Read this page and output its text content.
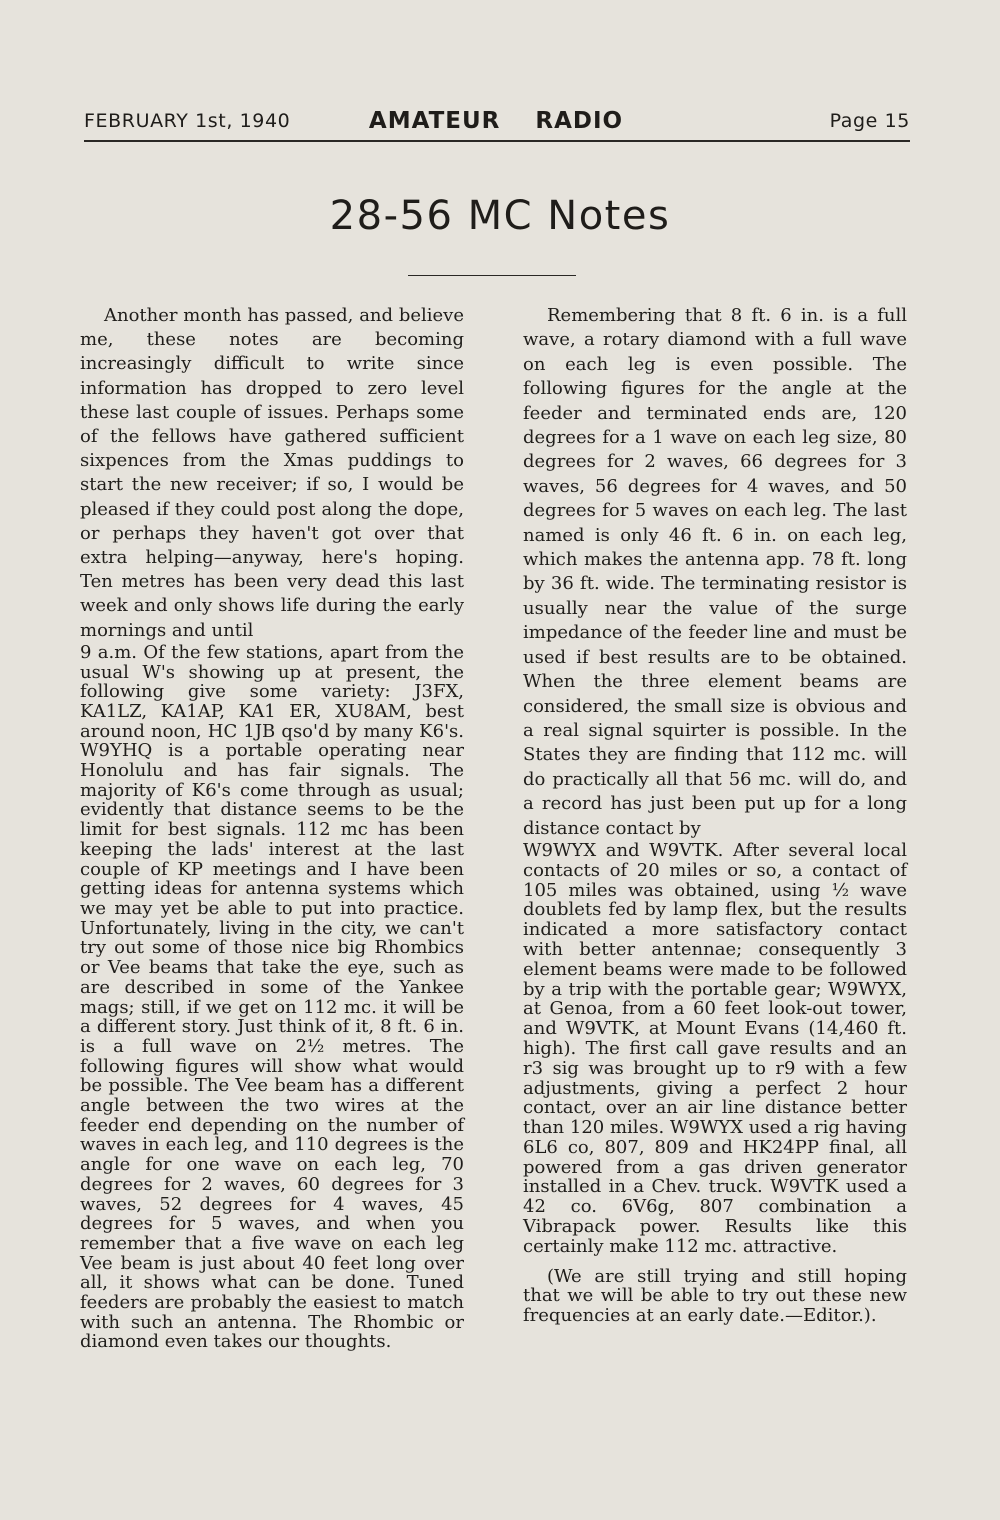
FEBRUARY 1st, 1940	AMATEUR RADIO	Page 15
28-56 MC Notes

Another month has passed, and believe me, these notes are becoming increasingly difficult to write since information has dropped to zero level these last couple of issues. Perhaps some of the fellows have gathered sufficient sixpences from the Xmas puddings to start the new receiver; if so, I would be pleased if they could post along the dope, or perhaps they haven't got over that extra helping—anyway, here's hoping. Ten metres has been very dead this last week and only shows life during the early mornings and until

9 a.m. Of the few stations, apart from the usual W's showing up at present, the following give some variety: J3FX, KA1LZ, KA1AP, KA1 ER, XU8AM, best around noon, HC 1JB qso'd by many K6's. W9YHQ is a portable operating near Honolulu and has fair signals. The majority of K6's come through as usual; evidently that distance seems to be the limit for best signals. 112 mc has been keeping the lads' interest at the last couple of KP meetings and I have been getting ideas for antenna systems which we may yet be able to put into practice. Unfortunately, living in the city, we can't try out some of those nice big Rhombics or Vee beams that take the eye, such as are described in some of the Yankee mags; still, if we get on 112 mc. it will be a different story. Just think of it, 8 ft. 6 in. is a full wave on 2½ metres. The following figures will show what would be possible. The Vee beam has a different angle between the two wires at the feeder end depending on the number of waves in each leg, and 110 degrees is the angle for one wave on each leg, 70 degrees for 2 waves, 60 degrees for 3 waves, 52 degrees for 4 waves, 45 degrees for 5 waves, and when you remember that a five wave on each leg Vee beam is just about 40 feet long over all, it shows what can be done. Tuned feeders are probably the easiest to match with such an antenna. The Rhombic or diamond even takes our thoughts.

Remembering that 8 ft. 6 in. is a full wave, a rotary diamond with a full wave on each leg is even possible. The following figures for the angle at the feeder and terminated ends are, 120 degrees for a 1 wave on each leg size, 80 degrees for 2 waves, 66 degrees for 3 waves, 56 degrees for 4 waves, and 50 degrees for 5 waves on each leg. The last named is only 46 ft. 6 in. on each leg, which makes the antenna app. 78 ft. long by 36 ft. wide. The terminating resistor is usually near the value of the surge impedance of the feeder line and must be used if best results are to be obtained. When the three element beams are considered, the small size is obvious and a real signal squirter is possible. In the States they are finding that 112 mc. will do practically all that 56 mc. will do, and a record has just been put up for a long distance contact by

W9WYX and W9VTK. After several local contacts of 20 miles or so, a contact of 105 miles was obtained, using ½ wave doublets fed by lamp flex, but the results indicated a more satisfactory contact with better antennae; consequently 3 element beams were made to be followed by a trip with the portable gear; W9WYX, at Genoa, from a 60 feet look-out tower, and W9VTK, at Mount Evans (14,460 ft. high). The first call gave results and an r3 sig was brought up to r9 with a few adjustments, giving a perfect 2 hour contact, over an air line distance better than 120 miles. W9WYX used a rig having 6L6 co, 807, 809 and HK24PP final, all powered from a gas driven generator installed in a Chev. truck. W9VTK used a 42 co. 6V6g, 807 combination a Vibrapack power. Results like this certainly make 112 mc. attractive.

(We are still trying and still hoping that we will be able to try out these new frequencies at an early date.—Editor.).
